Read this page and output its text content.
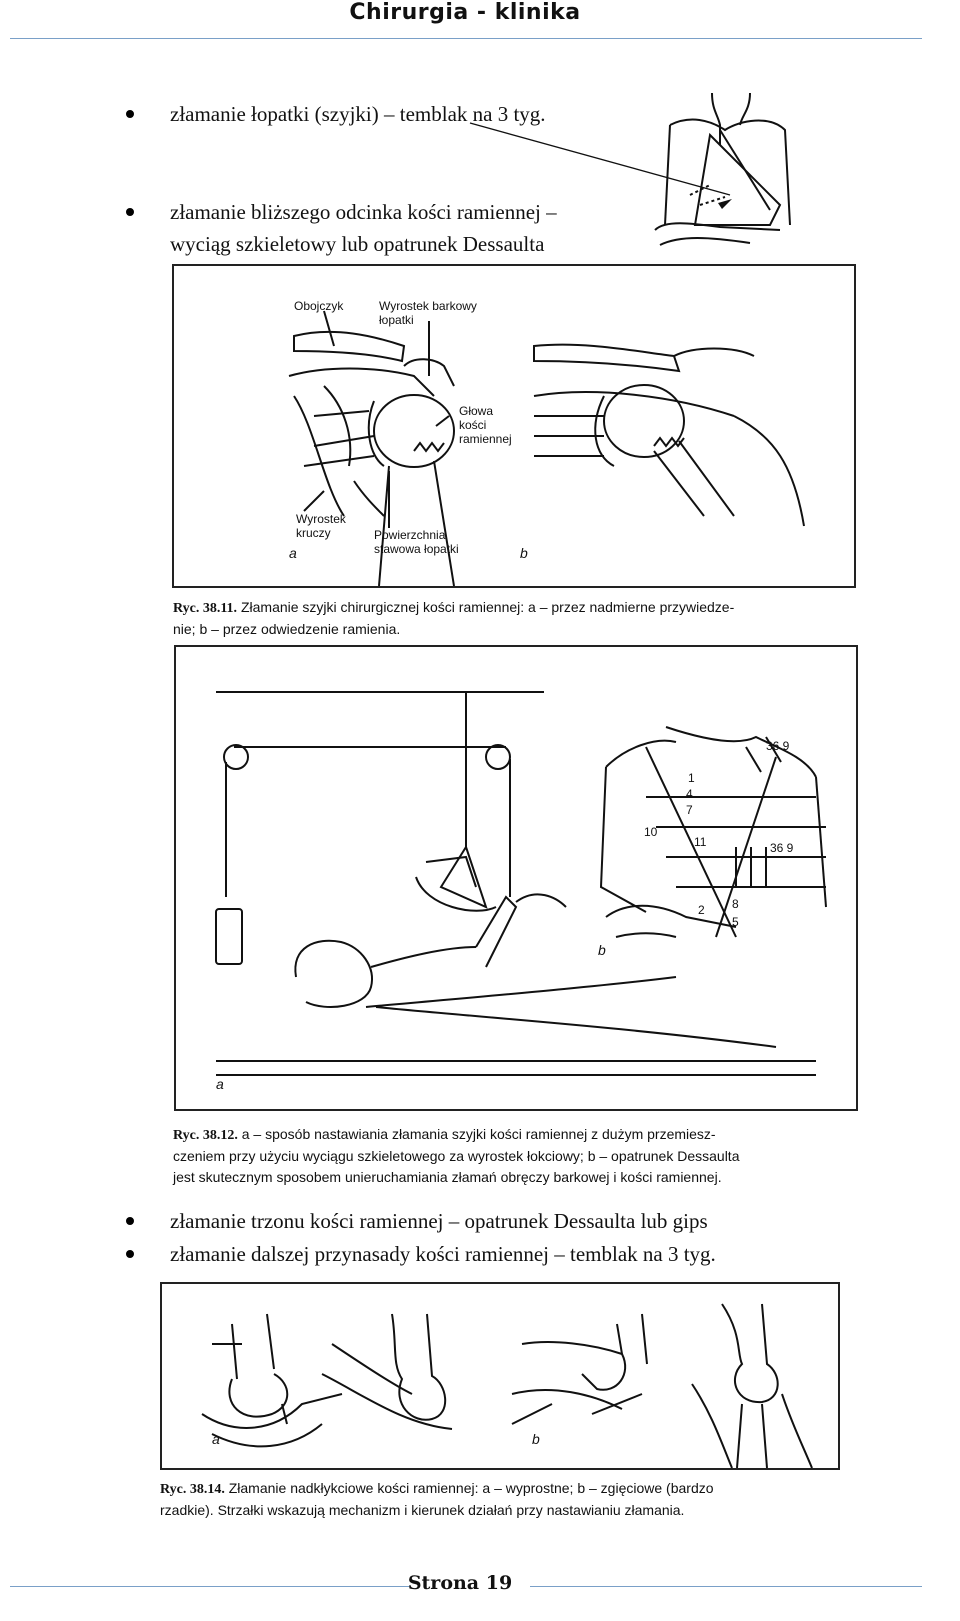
Chirurgia - klinika
złamanie łopatki (szyjki) – temblak na 3 tyg.
złamanie bliższego odcinka kości ramiennej –
wyciąg szkieletowy lub opatrunek Dessaulta
Obojczyk	Wyrostek barkowy
łopatki
Głowa
kości
ramiennej
Wyrostek
kruczy	Powierzchnia
stawowa łopatki
a	b
Ryc. 38.11. Złamanie szyjki chirurgicznej kości ramiennej: a – przez nadmierne przywiedze-
nie; b – przez odwiedzenie ramienia.
a
b
36 9
1
4
7
10
11	36 9
2 8
5
Ryc. 38.12. a – sposób nastawiania złamania szyjki kości ramiennej z dużym przemiesz-
czeniem przy użyciu wyciągu szkieletowego za wyrostek łokciowy; b – opatrunek Dessaulta
jest skutecznym sposobem unieruchamiania złamań obręczy barkowej i kości ramiennej.
złamanie trzonu kości ramiennej – opatrunek Dessaulta lub gips
złamanie dalszej przynasady kości ramiennej – temblak na 3 tyg.
a	b
Ryc. 38.14. Złamanie nadkłykciowe kości ramiennej: a – wyprostne; b – zgięciowe (bardzo
rzadkie). Strzałki wskazują mechanizm i kierunek działań przy nastawianiu złamania.
Strona 19
